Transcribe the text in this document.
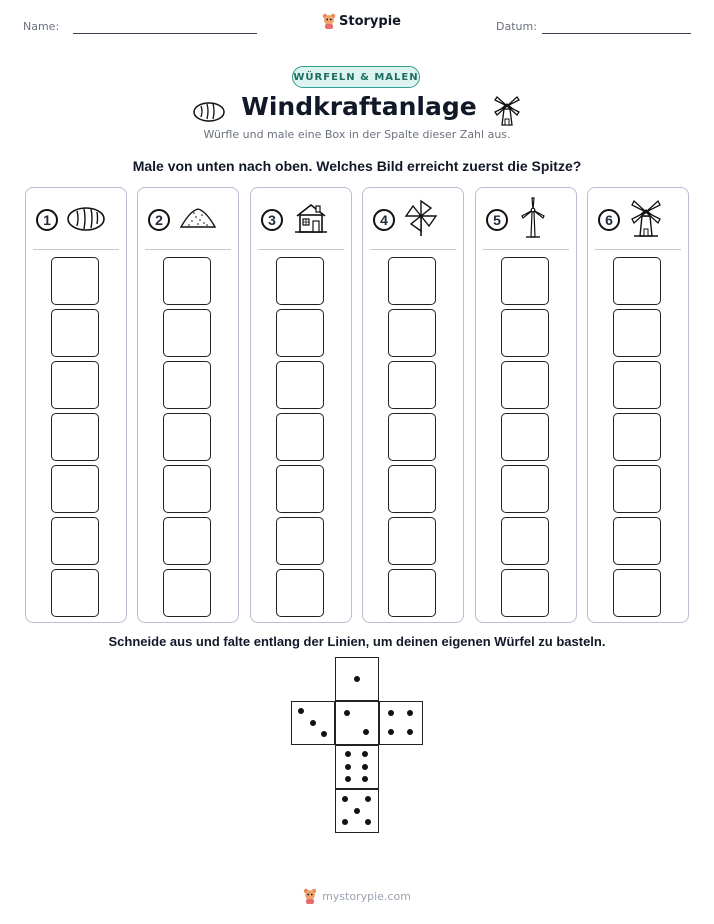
Name:	Storypie	Datum:
WÜRFELN & MALEN
Windkraftanlage
Würfle und male eine Box in der Spalte dieser Zahl aus.
Male von unten nach oben. Welches Bild erreicht zuerst die Spitze?
1	2	3	4	5	6
Schneide aus und falte entlang der Linien, um deinen eigenen Würfel zu basteln.
mystorypie.com
